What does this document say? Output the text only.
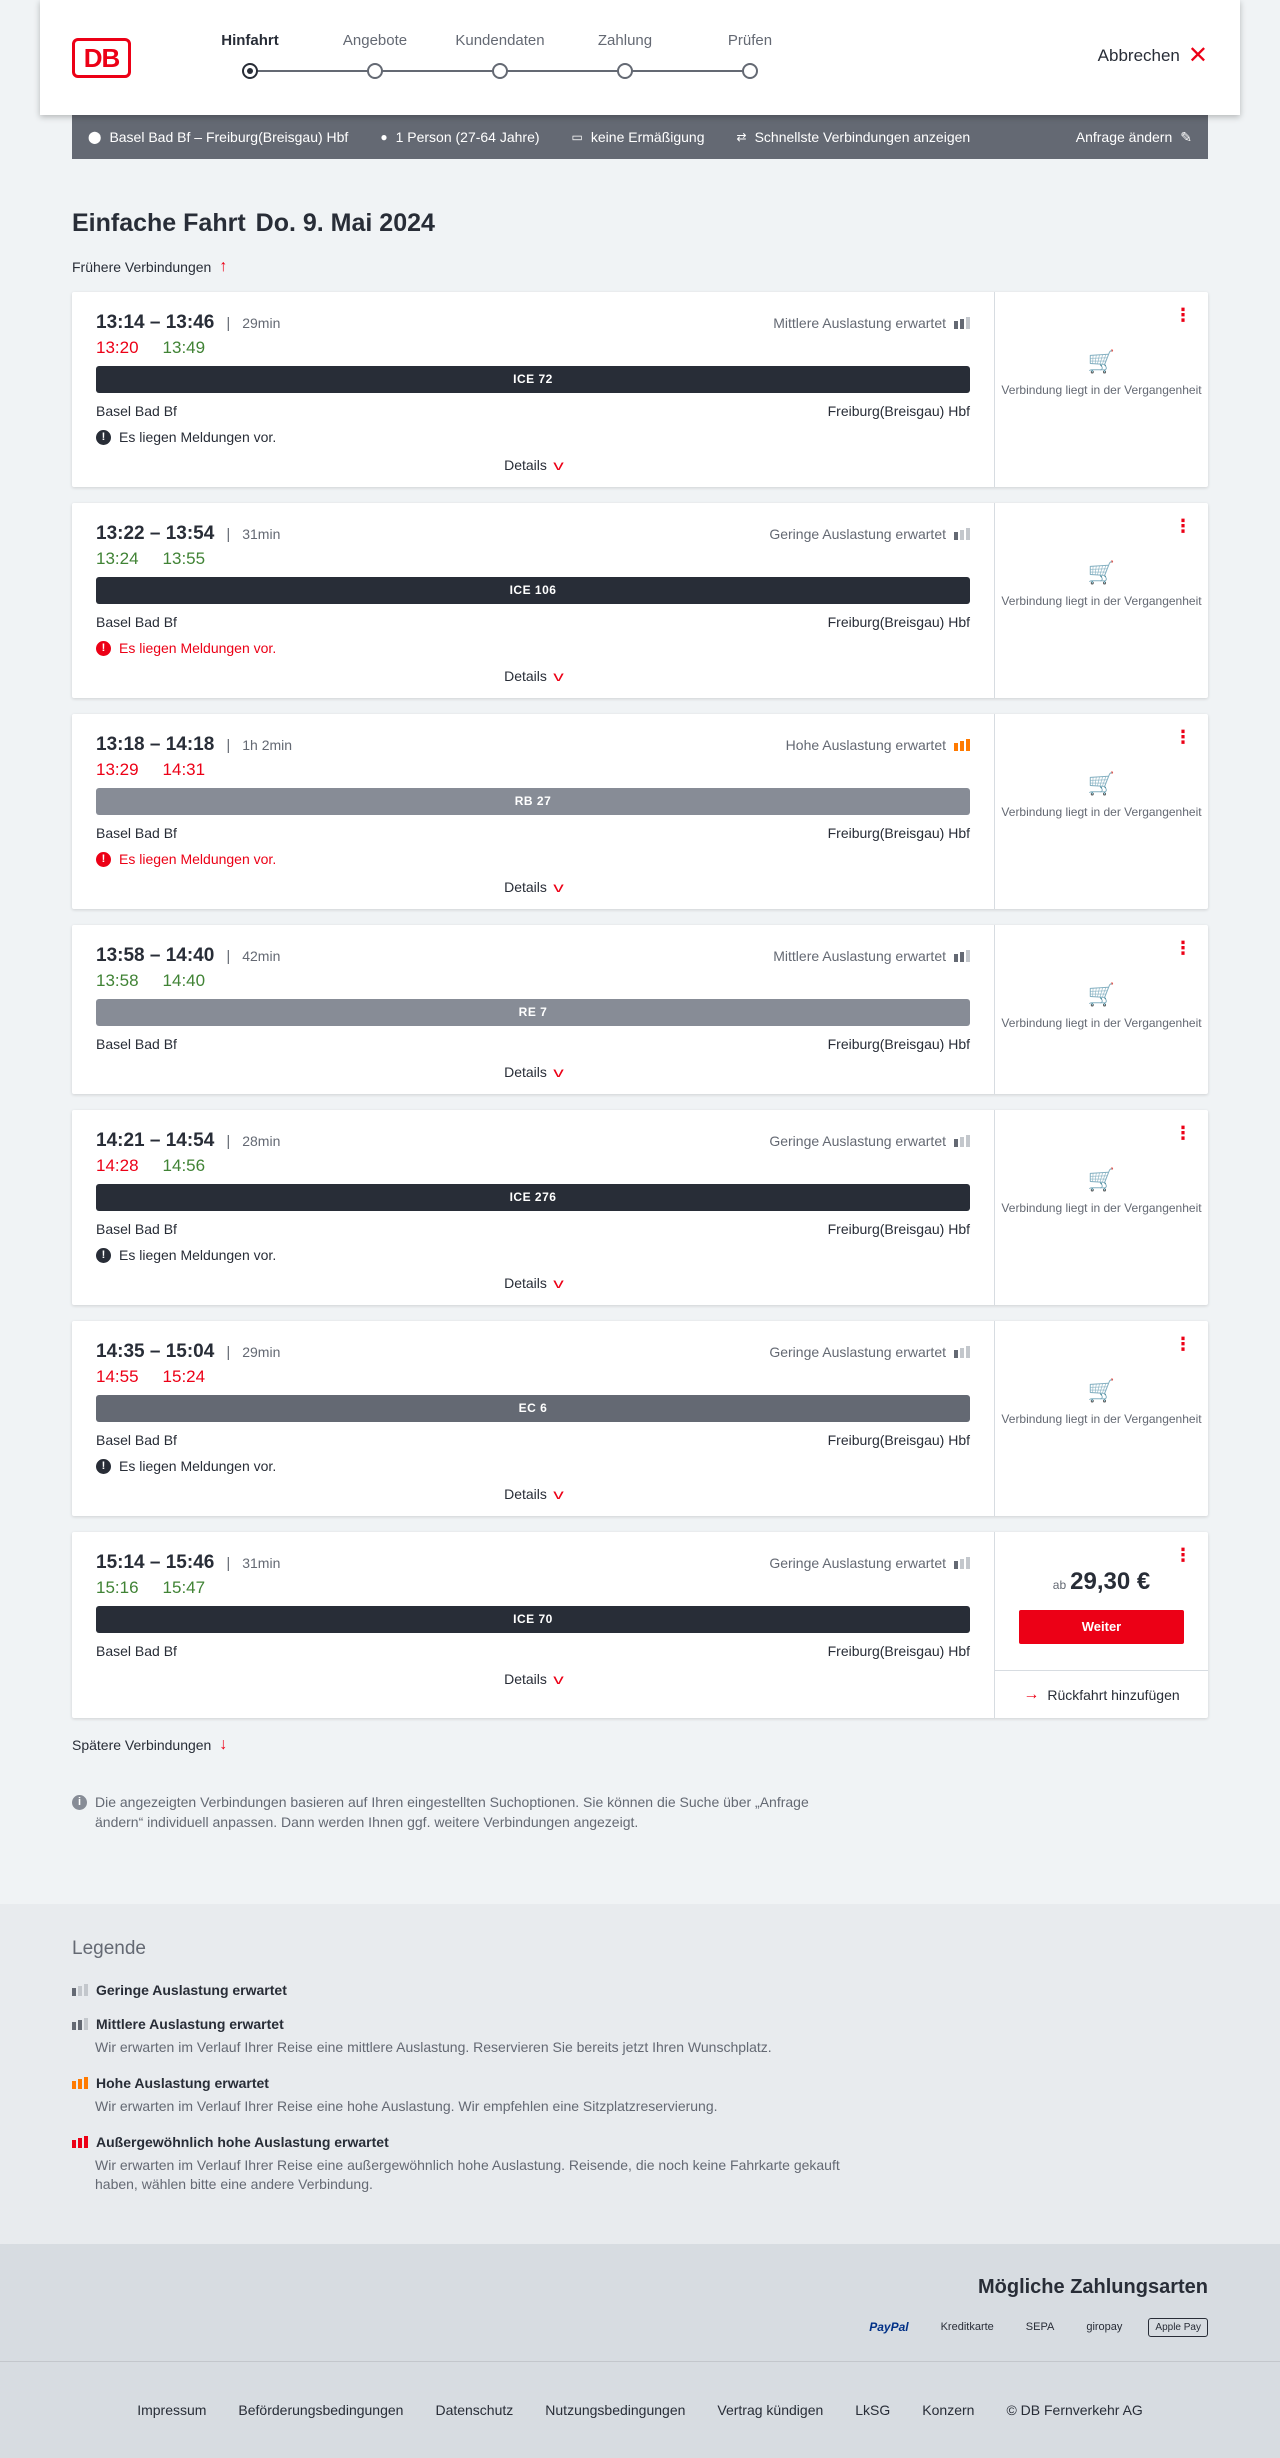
DB
Hinfahrt	Angebote	Kundendaten	Zahlung	Prüfen
Abbrechen ✕
⬤ Basel Bad Bf – Freiburg(Breisgau) Hbf	● 1 Person (27-64 Jahre)	▭ keine Ermäßigung	⇄ Schnellste Verbindungen anzeigen	Anfrage ändern ✎
Einfache Fahrt Do. 9. Mai 2024
Frühere Verbindungen ↑
13:14 – 13:46 | 29min	Mittlere Auslastung erwartet
13:20 13:49
ICE 72
Basel Bad Bf	Freiburg(Breisgau) Hbf
! Es liegen Meldungen vor.
Details v
⋮
🛒
Verbindung liegt in der Vergangenheit
13:22 – 13:54 | 31min	Geringe Auslastung erwartet
13:24 13:55
ICE 106
Basel Bad Bf	Freiburg(Breisgau) Hbf
! Es liegen Meldungen vor.
Details v
⋮
🛒
Verbindung liegt in der Vergangenheit
13:18 – 14:18 | 1h 2min	Hohe Auslastung erwartet
13:29 14:31
RB 27
Basel Bad Bf	Freiburg(Breisgau) Hbf
! Es liegen Meldungen vor.
Details v
⋮
🛒
Verbindung liegt in der Vergangenheit
13:58 – 14:40 | 42min	Mittlere Auslastung erwartet
13:58 14:40
RE 7
Basel Bad Bf	Freiburg(Breisgau) Hbf
Details v
⋮
🛒
Verbindung liegt in der Vergangenheit
14:21 – 14:54 | 28min	Geringe Auslastung erwartet
14:28 14:56
ICE 276
Basel Bad Bf	Freiburg(Breisgau) Hbf
! Es liegen Meldungen vor.
Details v
⋮
🛒
Verbindung liegt in der Vergangenheit
14:35 – 15:04 | 29min	Geringe Auslastung erwartet
14:55 15:24
EC 6
Basel Bad Bf	Freiburg(Breisgau) Hbf
! Es liegen Meldungen vor.
Details v
⋮
🛒
Verbindung liegt in der Vergangenheit
15:14 – 15:46 | 31min	Geringe Auslastung erwartet
15:16 15:47
ICE 70
Basel Bad Bf	Freiburg(Breisgau) Hbf
Details v
⋮
ab 29,30 €
Weiter
→ Rückfahrt hinzufügen
Spätere Verbindungen ↓
i Die angezeigten Verbindungen basieren auf Ihren eingestellten Suchoptionen. Sie können die Suche über „Anfrage ändern“ individuell anpassen. Dann werden Ihnen ggf. weitere Verbindungen angezeigt.
Legende
Geringe Auslastung erwartet
Mittlere Auslastung erwartet
Wir erwarten im Verlauf Ihrer Reise eine mittlere Auslastung. Reservieren Sie bereits jetzt Ihren Wunschplatz.
Hohe Auslastung erwartet
Wir erwarten im Verlauf Ihrer Reise eine hohe Auslastung. Wir empfehlen eine Sitzplatzreservierung.
Außergewöhnlich hohe Auslastung erwartet
Wir erwarten im Verlauf Ihrer Reise eine außergewöhnlich hohe Auslastung. Reisende, die noch keine Fahrkarte gekauft haben, wählen bitte eine andere Verbindung.
Mögliche Zahlungsarten
PayPal	Kreditkarte	SEPA	giropay	Apple Pay
Impressum Beförderungsbedingungen Datenschutz Nutzungsbedingungen Vertrag kündigen LkSG Konzern © DB Fernverkehr AG
